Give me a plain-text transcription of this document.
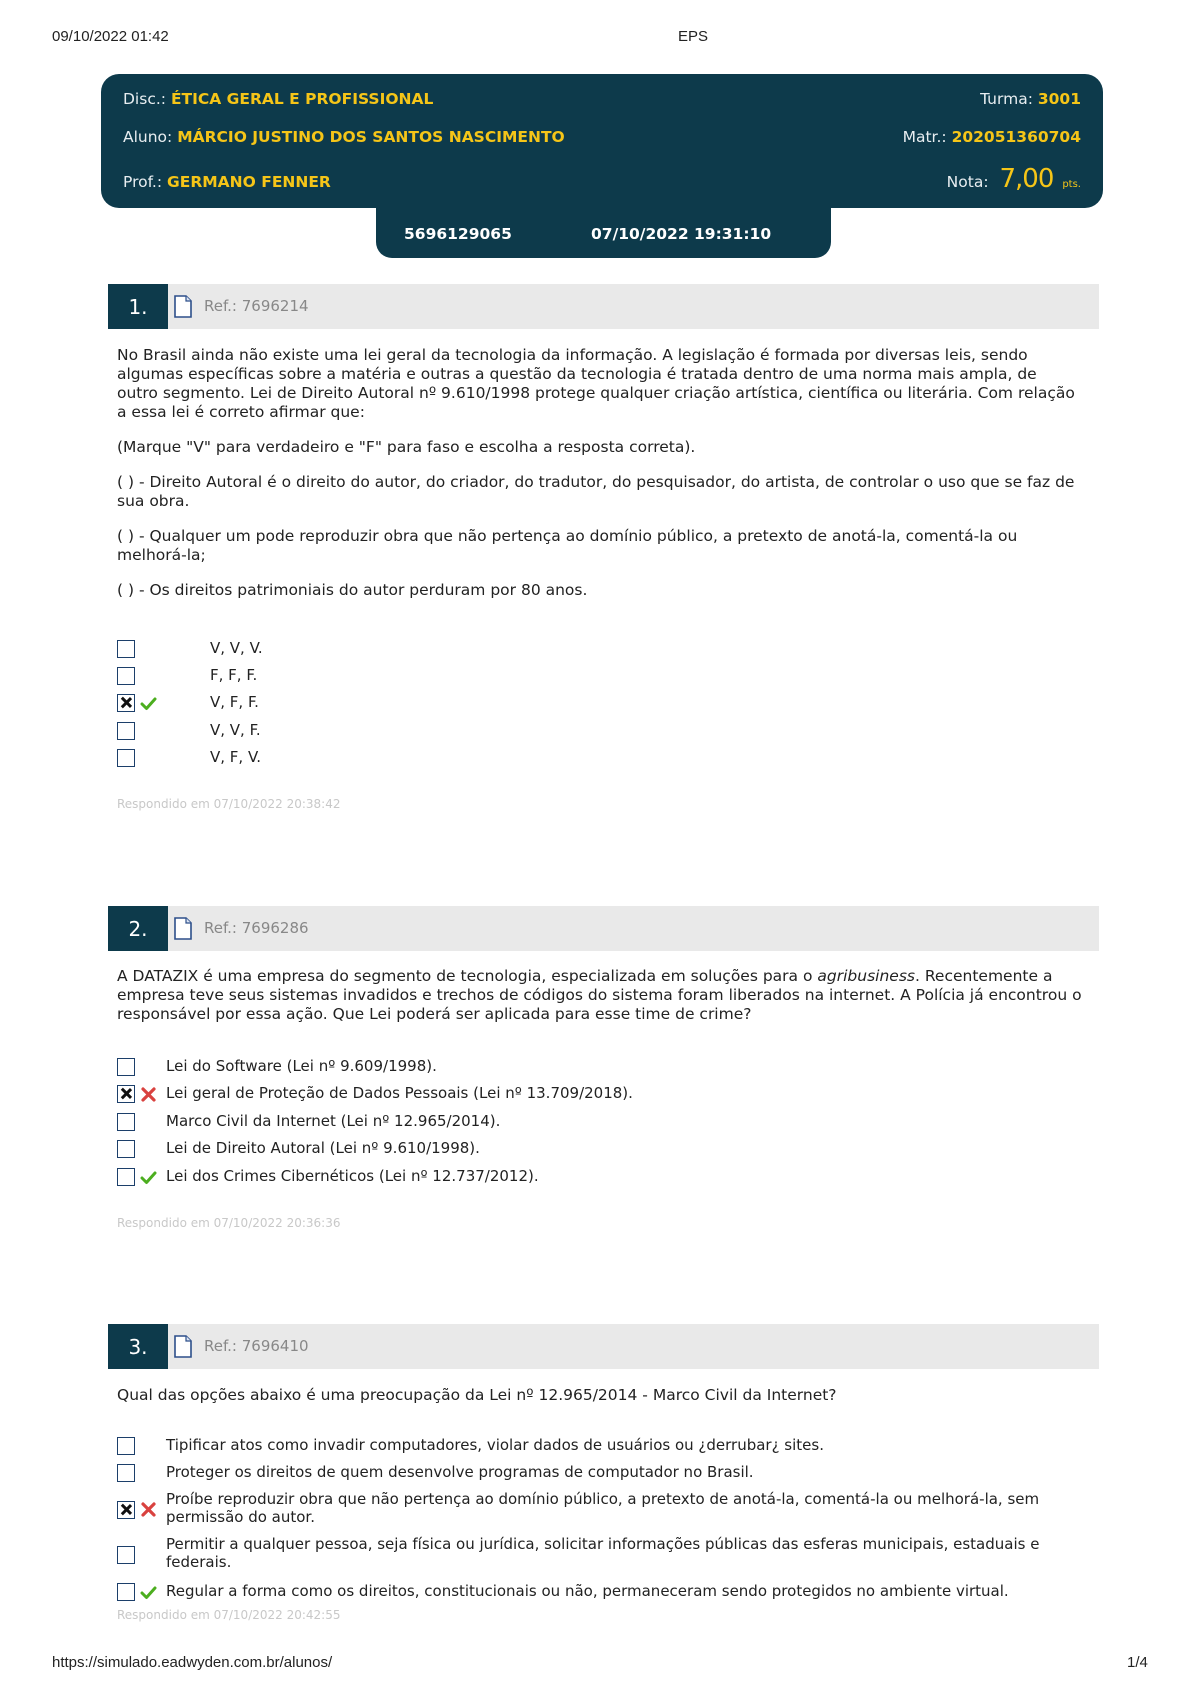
09/10/2022 01:42	EPS
https://simulado.eadwyden.com.br/alunos/	1/4
Disc.: ÉTICA GERAL E PROFISSIONAL	Turma: 3001
Aluno: MÁRCIO JUSTINO DOS SANTOS NASCIMENTO	Matr.: 202051360704
Prof.: GERMANO FENNER	Nota: 7,00 pts.
5696129065	07/10/2022 19:31:10
1.	Ref.: 7696214

No Brasil ainda não existe uma lei geral da tecnologia da informação. A legislação é formada por diversas leis, sendo algumas específicas sobre a matéria e outras a questão da tecnologia é tratada dentro de uma norma mais ampla, de outro segmento. Lei de Direito Autoral nº 9.610/1998 protege qualquer criação artística, científica ou literária. Com relação a essa lei é correto afirmar que:

(Marque "V" para verdadeiro e "F" para faso e escolha a resposta correta).

( ) - Direito Autoral é o direito do autor, do criador, do tradutor, do pesquisador, do artista, de controlar o uso que se faz de sua obra.

( ) - Qualquer um pode reproduzir obra que não pertença ao domínio público, a pretexto de anotá-la, comentá-la ou melhorá-la;

( ) - Os direitos patrimoniais do autor perduram por 80 anos.

V, V, V.
F, F, F.
V, F, F.
V, V, F.
V, F, V.
Respondido em 07/10/2022 20:38:42
2.	Ref.: 7696286

A DATAZIX é uma empresa do segmento de tecnologia, especializada em soluções para o agribusiness. Recentemente a empresa teve seus sistemas invadidos e trechos de códigos do sistema foram liberados na internet. A Polícia já encontrou o responsável por essa ação. Que Lei poderá ser aplicada para esse time de crime?

Lei do Software (Lei nº 9.609/1998).
Lei geral de Proteção de Dados Pessoais (Lei nº 13.709/2018).
Marco Civil da Internet (Lei nº 12.965/2014).
Lei de Direito Autoral (Lei nº 9.610/1998).
Lei dos Crimes Cibernéticos (Lei nº 12.737/2012).
Respondido em 07/10/2022 20:36:36
3.	Ref.: 7696410

Qual das opções abaixo é uma preocupação da Lei nº 12.965/2014 - Marco Civil da Internet?

Tipificar atos como invadir computadores, violar dados de usuários ou ¿derrubar¿ sites.
Proteger os direitos de quem desenvolve programas de computador no Brasil.
Proíbe reproduzir obra que não pertença ao domínio público, a pretexto de anotá-la, comentá-la ou melhorá-la, sem permissão do autor.
Permitir a qualquer pessoa, seja física ou jurídica, solicitar informações públicas das esferas municipais, estaduais e federais.
Regular a forma como os direitos, constitucionais ou não, permaneceram sendo protegidos no ambiente virtual.
Respondido em 07/10/2022 20:42:55
